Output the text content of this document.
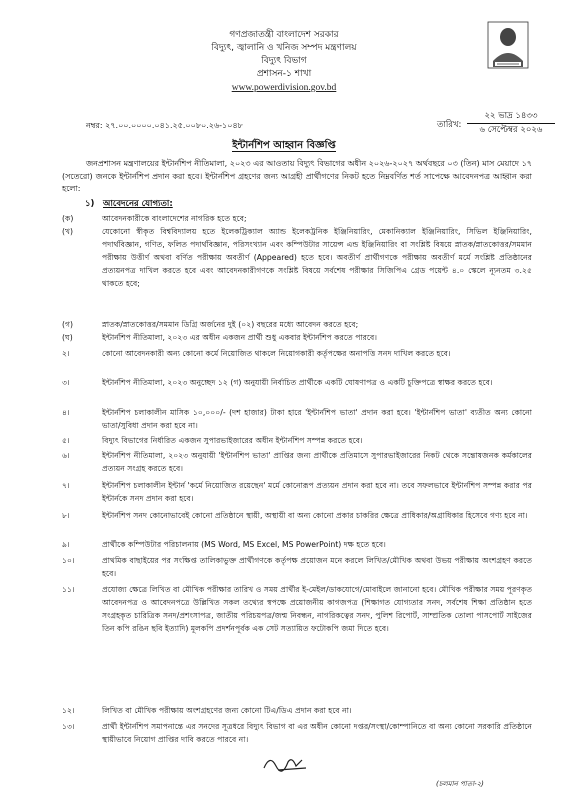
গণপ্রজাতন্ত্রী বাংলাদেশ সরকার
বিদ্যুৎ, জ্বালানি ও খনিজ সম্পদ মন্ত্রণালয়
বিদ্যুৎ বিভাগ
প্রশাসন-১ শাখা
www.powerdivision.gov.bd
নম্বর: ২৭.০০.০০০০.০৪১.২৫.০০৮০.২৬-১০৪৮	তারিখ:
২২ ভাদ্র ১৪৩৩
৬ সেপ্টেম্বর ২০২৬
ইন্টার্নশিপ আহ্বান বিজ্ঞপ্তি
জনপ্রশাসন মন্ত্রণালয়ের ইন্টার্নশিপ নীতিমালা, ২০২৩ এর আওতায় বিদ্যুৎ বিভাগের অধীন ২০২৬-২০২৭ অর্থবছরে ০৩ (তিন) মাস মেয়াদে ১৭ (সতেরো) জনকে ইন্টার্নশিপ প্রদান করা হবে। ইন্টার্নশিপ গ্রহণের জন্য আগ্রহী প্রার্থীগণের নিকট হতে নিম্নবর্ণিত শর্ত সাপেক্ষে আবেদনপত্র আহ্বান করা হলো:
১) আবেদনের যোগ্যতা:
(ক)	আবেদনকারীকে বাংলাদেশের নাগরিক হতে হবে;
(খ)	যেকোনো স্বীকৃত বিশ্ববিদ্যালয় হতে ইলেকট্রিক্যাল অ্যান্ড ইলেকট্রনিক ইঞ্জিনিয়ারিং, মেকানিক্যাল ইঞ্জিনিয়ারিং, সিভিল ইঞ্জিনিয়ারিং, পদার্থবিজ্ঞান, গণিত, ফলিত পদার্থবিজ্ঞান, পরিসংখ্যান এবং কম্পিউটার সায়েন্স এন্ড ইঞ্জিনিয়ারিং বা সংশ্লিষ্ট বিষয়ে স্নাতক/স্নাতকোত্তর/সমমান পরীক্ষায় উত্তীর্ণ অথবা বর্ণিত পরীক্ষায় অবতীর্ণ (Appeared) হতে হবে। অবতীর্ণ প্রার্থীগণকে পরীক্ষায় অবতীর্ণ মর্মে সংশ্লিষ্ট প্রতিষ্ঠানের প্রত্যয়নপত্র দাখিল করতে হবে এবং আবেদনকারীগণকে সংশ্লিষ্ট বিষয়ে সর্বশেষ পরীক্ষার সিজিপিএ গ্রেড পয়েন্ট ৪.০ স্কেলে ন্যূনতম ৩.২৫ থাকতে হবে;
(গ)	স্নাতক/স্নাতকোত্তর/সমমান ডিগ্রি অর্জনের দুই (০২) বছরের মধ্যে আবেদন করতে হবে;
(ঘ)	ইন্টার্নশিপ নীতিমালা, ২০২৩ এর অধীন একজন প্রার্থী শুধু একবার ইন্টার্নশিপ করতে পারবে।
২।	কোনো আবেদনকারী অন্য কোনো কর্মে নিয়োজিত থাকলে নিয়োগকারী কর্তৃপক্ষের অনাপত্তি সনদ দাখিল করতে হবে।
৩।	ইন্টার্নশিপ নীতিমালা, ২০২৩ অনুচ্ছেদ ১২ (গ) অনুযায়ী নির্বাচিত প্রার্থীকে একটি ঘোষণাপত্র ও একটি চুক্তিপত্রে স্বাক্ষর করতে হবে।
৪।	ইন্টার্নশিপ চলাকালীন মাসিক ১০,০০০/- (দশ হাজার) টাকা হারে 'ইন্টার্নশিপ ভাতা' প্রদান করা হবে। 'ইন্টার্নশিপ ভাতা' ব্যতীত অন্য কোনো ভাতা/সুবিধা প্রদান করা হবে না।
৫।	বিদ্যুৎ বিভাগের নির্ধারিত একজন সুপারভাইজারের অধীন ইন্টার্নশিপ সম্পন্ন করতে হবে।
৬।	ইন্টার্নশিপ নীতিমালা, ২০২৩ অনুযায়ী 'ইন্টার্নশিপ ভাতা' প্রাপ্তির জন্য প্রার্থীকে প্রতিমাসে সুপারভাইজারের নিকট থেকে সন্তোষজনক কর্মকালের প্রত্যয়ন সংগ্রহ করতে হবে।
৭।	ইন্টার্নশিপ চলাকালীন ইন্টার্ন 'কর্মে নিয়োজিত রয়েছেন' মর্মে কোনোরূপ প্রত্যয়ন প্রদান করা হবে না। তবে সফলভাবে ইন্টার্নশিপ সম্পন্ন করার পর ইন্টার্নকে সনদ প্রদান করা হবে।
৮।	ইন্টার্নশিপ সনদ কোনোভাবেই কোনো প্রতিষ্ঠানে স্থায়ী, অস্থায়ী বা অন্য কোনো প্রকার চাকরির ক্ষেত্রে প্রাধিকার/অগ্রাধিকার হিসেবে গণ্য হবে না।
৯।	প্রার্থীকে কম্পিউটার পরিচালনায় (MS Word, MS Excel, MS PowerPoint) দক্ষ হতে হবে।
১০।	প্রাথমিক বাছাইয়ের পর সংক্ষিপ্ত তালিকাভুক্ত প্রার্থীগণকে কর্তৃপক্ষ প্রয়োজন মনে করলে লিখিত/মৌখিক অথবা উভয় পরীক্ষায় অংশগ্রহণ করতে হবে।
১১।	প্রযোজ্য ক্ষেত্রে লিখিত বা মৌখিক পরীক্ষার তারিখ ও সময় প্রার্থীর ই-মেইল/ডাকযোগে/মোবাইলে জানানো হবে। মৌখিক পরীক্ষার সময় পূরণকৃত আবেদনপত্র ও আবেদনপত্রে উল্লিখিত সকল তথ্যের স্বপক্ষে প্রয়োজনীয় কাগজপত্র (শিক্ষাগত যোগ্যতার সনদ, সর্বশেষ শিক্ষা প্রতিষ্ঠান হতে সংগ্রহকৃত চারিত্রিক সনদ/প্রশংসাপত্র, জাতীয় পরিচয়পত্র/জন্ম নিবন্ধন, নাগরিকত্বের সনদ, পুলিশ রিপোর্ট, সাম্প্রতিক তোলা পাসপোর্ট সাইজের তিন কপি রঙিন ছবি ইত্যাদি) মূলকপি প্রদর্শনপূর্বক এক সেট সত্যায়িত ফটোকপি জমা দিতে হবে।
১২।	লিখিত বা মৌখিক পরীক্ষায় অংশগ্রহণের জন্য কোনো টিএ/ডিএ প্রদান করা হবে না।
১৩।	প্রার্থী ইন্টার্নশিপ সমাপনান্তে এর সনদের সূত্রধরে বিদ্যুৎ বিভাগ বা এর অধীন কোনো দপ্তর/সংস্থা/কোম্পানিতে বা অন্য কোনো সরকারি প্রতিষ্ঠানে স্থায়ীভাবে নিয়োগ প্রাপ্তির দাবি করতে পারবে না।
(চলমান পাতা-২)
